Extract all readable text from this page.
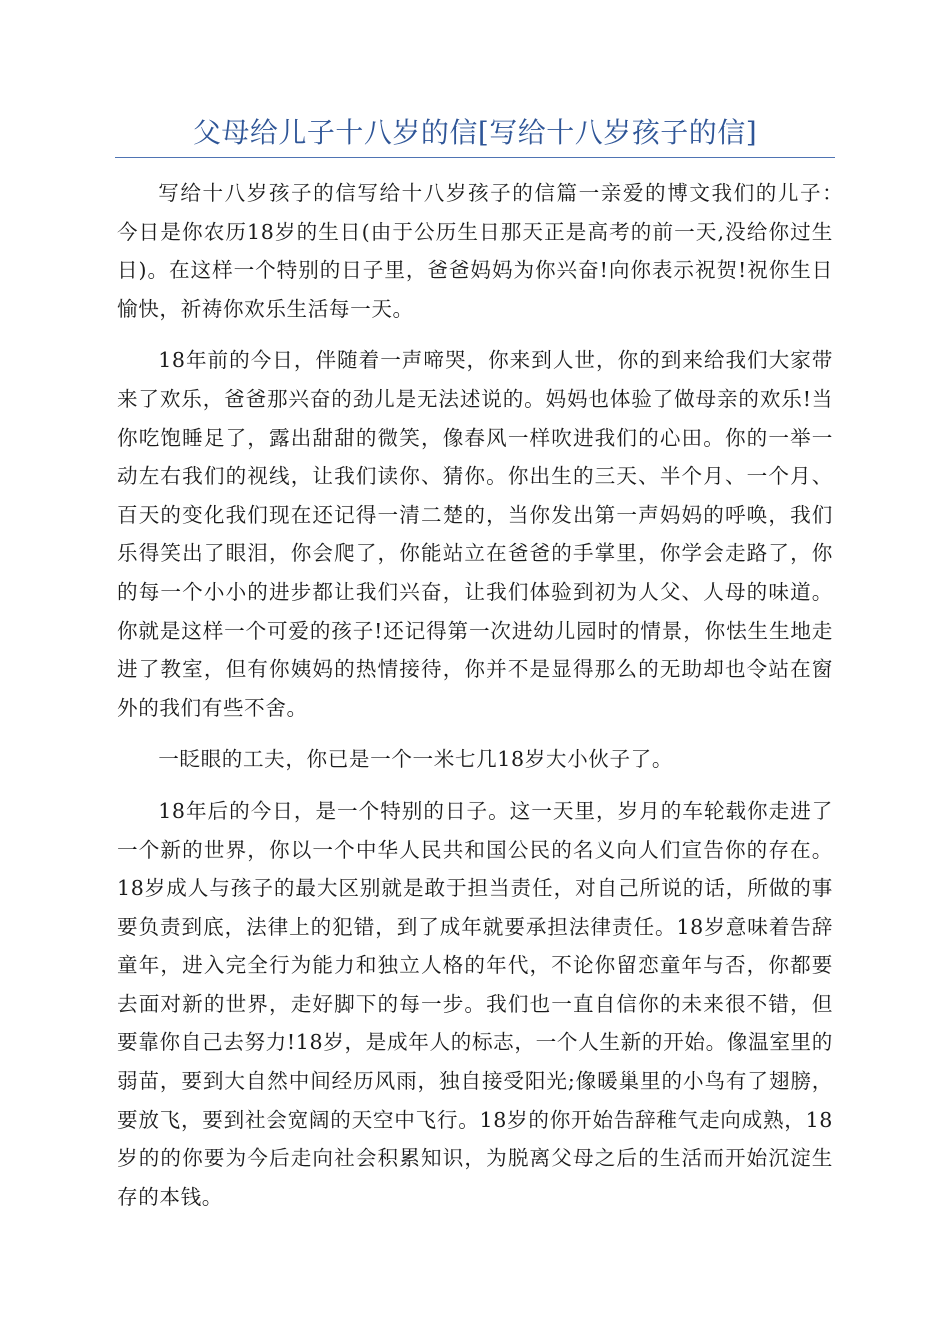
父母给儿子十八岁的信[写给十八岁孩子的信]

写给十八岁孩子的信写给十八岁孩子的信篇一亲爱的博文我们的儿子：　今日是你农历18岁的生日(由于公历生日那天正是高考的前一天,没给你过生日)。在这样一个特别的日子里，爸爸妈妈为你兴奋!向你表示祝贺!祝你生日愉快，祈祷你欢乐生活每一天。

18年前的今日，伴随着一声啼哭，你来到人世，你的到来给我们大家带来了欢乐，爸爸那兴奋的劲儿是无法述说的。妈妈也体验了做母亲的欢乐!当你吃饱睡足了，露出甜甜的微笑，像春风一样吹进我们的心田。你的一举一动左右我们的视线，让我们读你、猜你。你出生的三天、半个月、一个月、百天的变化我们现在还记得一清二楚的，当你发出第一声妈妈的呼唤，我们乐得笑出了眼泪，你会爬了，你能站立在爸爸的手掌里，你学会走路了，你的每一个小小的进步都让我们兴奋，让我们体验到初为人父、人母的味道。你就是这样一个可爱的孩子!还记得第一次进幼儿园时的情景，你怯生生地走进了教室，但有你姨妈的热情接待，你并不是显得那么的无助却也令站在窗外的我们有些不舍。

一眨眼的工夫，你已是一个一米七几18岁大小伙子了。

18年后的今日，是一个特别的日子。这一天里，岁月的车轮载你走进了一个新的世界，你以一个中华人民共和国公民的名义向人们宣告你的存在。18岁成人与孩子的最大区别就是敢于担当责任，对自己所说的话，所做的事要负责到底，法律上的犯错，到了成年就要承担法律责任。18岁意味着告辞童年，进入完全行为能力和独立人格的年代，不论你留恋童年与否，你都要去面对新的世界，走好脚下的每一步。我们也一直自信你的未来很不错，但要靠你自己去努力!18岁，是成年人的标志，一个人生新的开始。像温室里的弱苗，要到大自然中间经历风雨，独自接受阳光;像暖巢里的小鸟有了翅膀，要放飞，要到社会宽阔的天空中飞行。18岁的你开始告辞稚气走向成熟，18岁的的你要为今后走向社会积累知识，为脱离父母之后的生活而开始沉淀生存的本钱。
